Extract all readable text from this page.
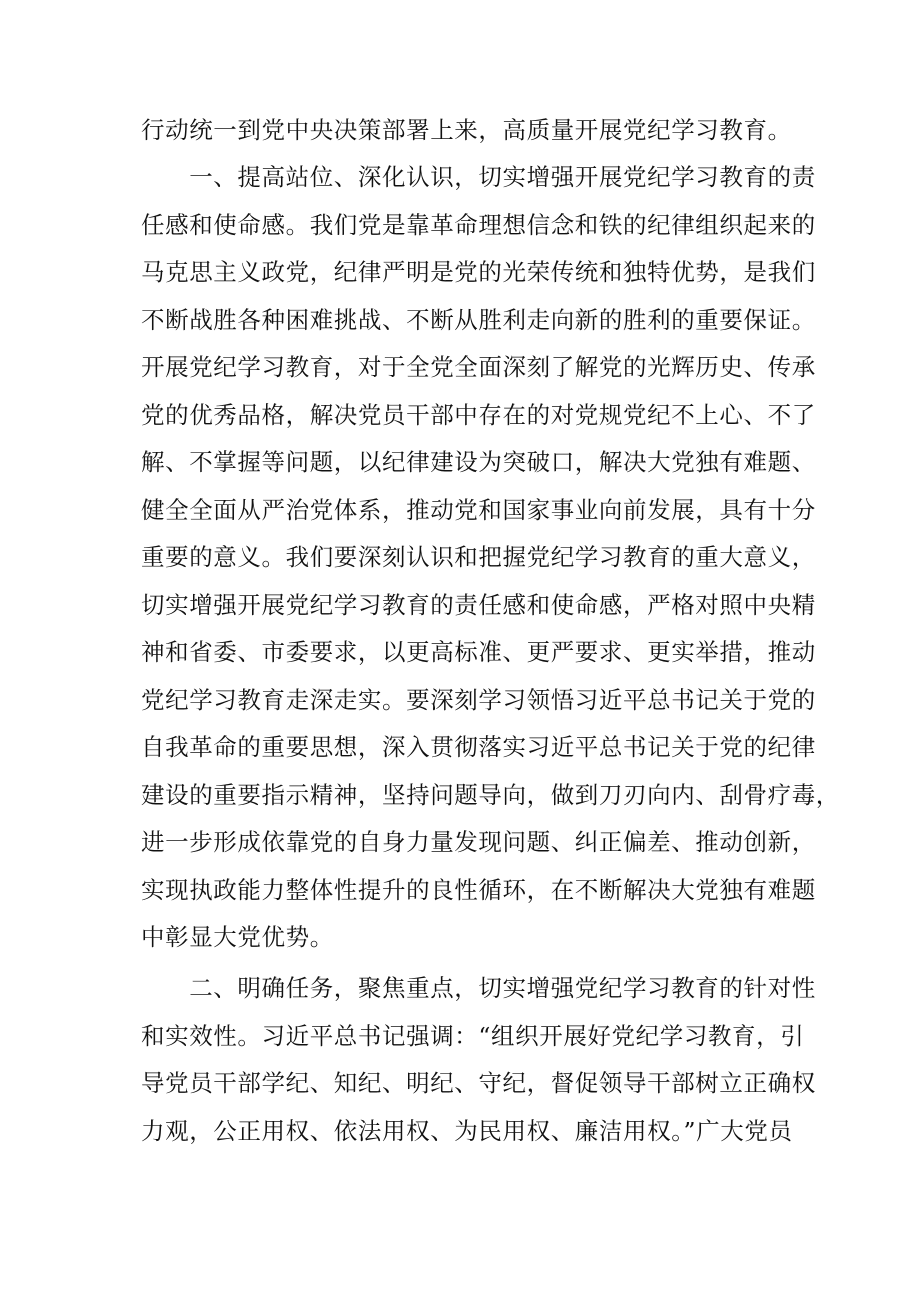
行动统一到党中央决策部署上来，高质量开展党纪学习教育。
　　一、提高站位、深化认识，切实增强开展党纪学习教育的责
任感和使命感。我们党是靠革命理想信念和铁的纪律组织起来的
马克思主义政党，纪律严明是党的光荣传统和独特优势，是我们
不断战胜各种困难挑战、不断从胜利走向新的胜利的重要保证。
开展党纪学习教育，对于全党全面深刻了解党的光辉历史、传承
党的优秀品格，解决党员干部中存在的对党规党纪不上心、不了
解、不掌握等问题，以纪律建设为突破口，解决大党独有难题、
健全全面从严治党体系，推动党和国家事业向前发展，具有十分
重要的意义。我们要深刻认识和把握党纪学习教育的重大意义，
切实增强开展党纪学习教育的责任感和使命感，严格对照中央精
神和省委、市委要求，以更高标准、更严要求、更实举措，推动
党纪学习教育走深走实。要深刻学习领悟习近平总书记关于党的
自我革命的重要思想，深入贯彻落实习近平总书记关于党的纪律
建设的重要指示精神，坚持问题导向，做到刀刃向内、刮骨疗毒，
进一步形成依靠党的自身力量发现问题、纠正偏差、推动创新，
实现执政能力整体性提升的良性循环，在不断解决大党独有难题
中彰显大党优势。
　　二、明确任务，聚焦重点，切实增强党纪学习教育的针对性
和实效性。习近平总书记强调：“组织开展好党纪学习教育，引
导党员干部学纪、知纪、明纪、守纪，督促领导干部树立正确权
力观，公正用权、依法用权、为民用权、廉洁用权。”广大党员
